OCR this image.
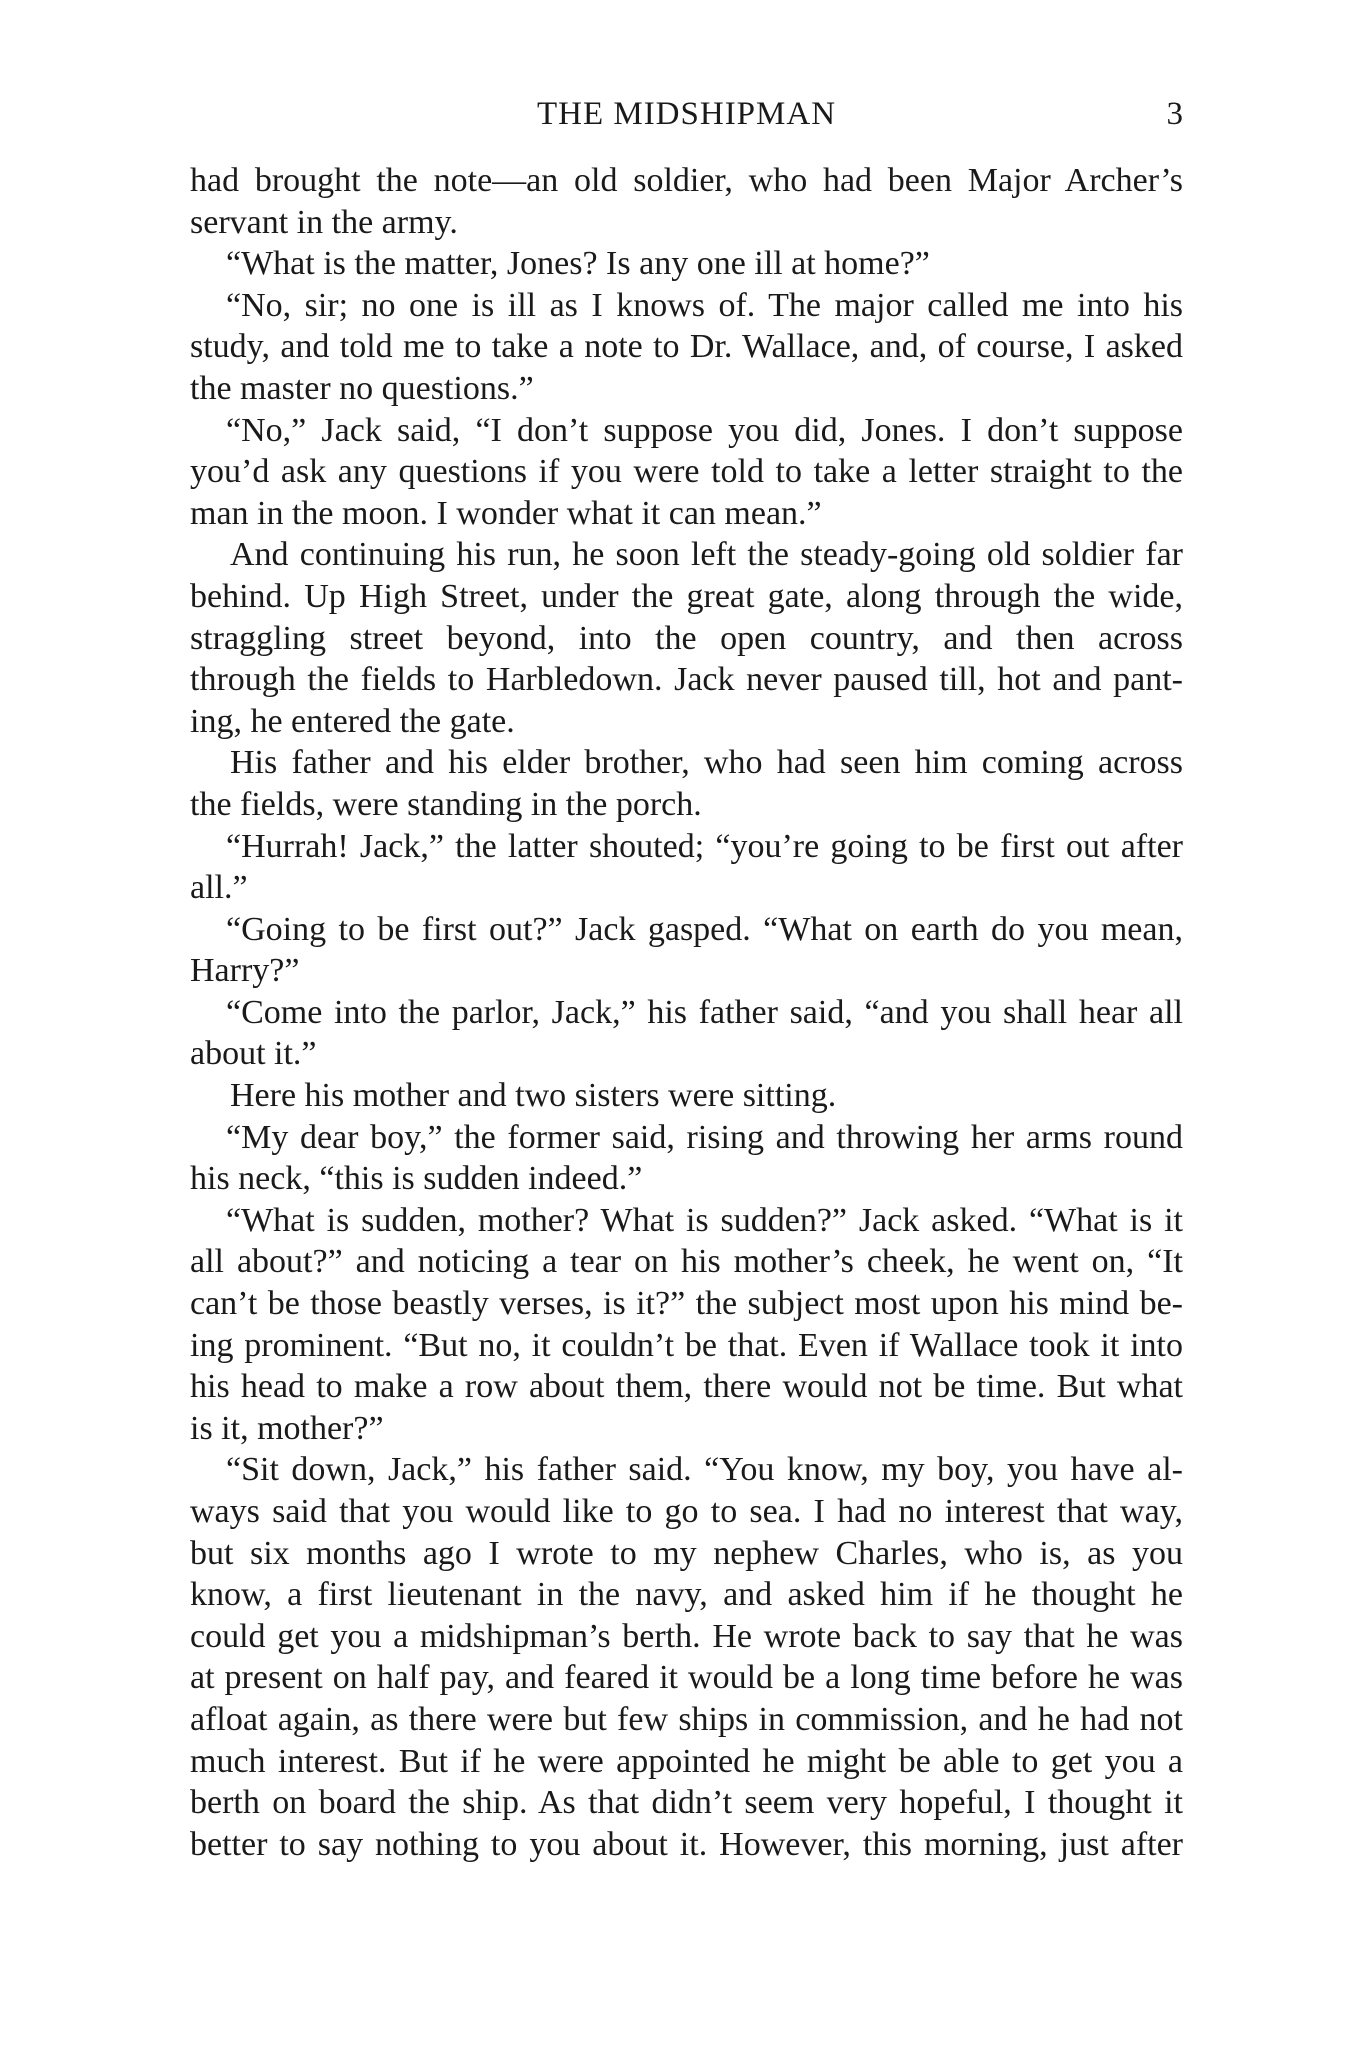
THE MIDSHIPMAN	3
had brought the note—an old soldier, who had been Major Archer’s
servant in the army.
“What is the matter, Jones? Is any one ill at home?”
“No, sir; no one is ill as I knows of. The major called me into his
study, and told me to take a note to Dr. Wallace, and, of course, I asked
the master no questions.”
“No,” Jack said, “I don’t suppose you did, Jones. I don’t suppose
you’d ask any questions if you were told to take a letter straight to the
man in the moon. I wonder what it can mean.”
And continuing his run, he soon left the steady-going old soldier far
behind. Up High Street, under the great gate, along through the wide,
straggling street beyond, into the open country, and then across
through the fields to Harbledown. Jack never paused till, hot and pant-
ing, he entered the gate.
His father and his elder brother, who had seen him coming across
the fields, were standing in the porch.
“Hurrah! Jack,” the latter shouted; “you’re going to be first out after
all.”
“Going to be first out?” Jack gasped. “What on earth do you mean,
Harry?”
“Come into the parlor, Jack,” his father said, “and you shall hear all
about it.”
Here his mother and two sisters were sitting.
“My dear boy,” the former said, rising and throwing her arms round
his neck, “this is sudden indeed.”
“What is sudden, mother? What is sudden?” Jack asked. “What is it
all about?” and noticing a tear on his mother’s cheek, he went on, “It
can’t be those beastly verses, is it?” the subject most upon his mind be-
ing prominent. “But no, it couldn’t be that. Even if Wallace took it into
his head to make a row about them, there would not be time. But what
is it, mother?”
“Sit down, Jack,” his father said. “You know, my boy, you have al-
ways said that you would like to go to sea. I had no interest that way,
but six months ago I wrote to my nephew Charles, who is, as you
know, a first lieutenant in the navy, and asked him if he thought he
could get you a midshipman’s berth. He wrote back to say that he was
at present on half pay, and feared it would be a long time before he was
afloat again, as there were but few ships in commission, and he had not
much interest. But if he were appointed he might be able to get you a
berth on board the ship. As that didn’t seem very hopeful, I thought it
better to say nothing to you about it. However, this morning, just after
